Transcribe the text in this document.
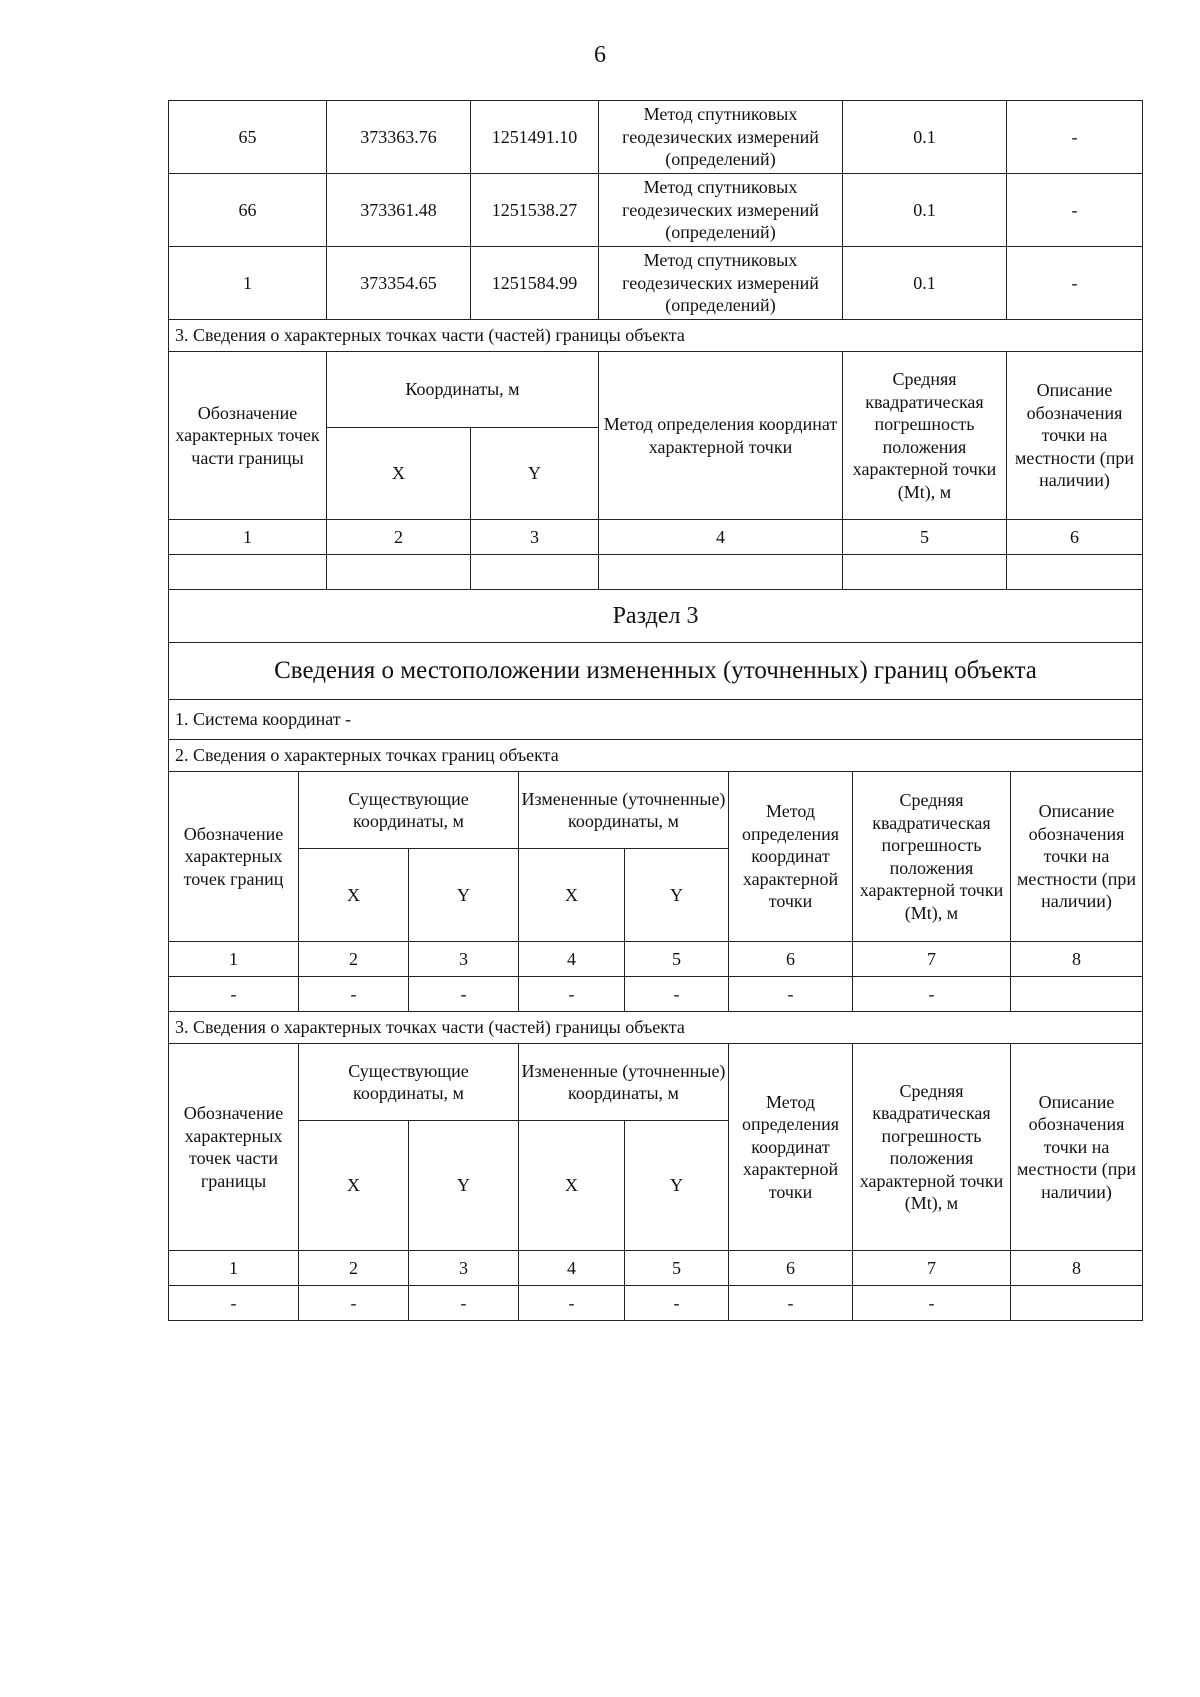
6
65	373363.76	1251491.10	Метод спутниковых геодезических измерений (определений)	0.1	-
66	373361.48	1251538.27	Метод спутниковых геодезических измерений (определений)	0.1	-
1	373354.65	1251584.99	Метод спутниковых геодезических измерений (определений)	0.1	-
3. Сведения о характерных точках части (частей) границы объекта					
Обозначение характерных точек части границы	Координаты, м		Метод определения координат характерной точки	Средняя квадратическая погрешность положения характерной точки (Mt), м	Описание обозначения точки на местности (при наличии)
	X	Y			
1	2	3	4	5	6

Раздел 3							
Сведения о местоположении измененных (уточненных) границ объекта							
1. Система координат -							
2. Сведения о характерных точках границ объекта							
Обозначение характерных точек границ	Существующие координаты, м		Измененные (уточненные) координаты, м		Метод определения координат характерной точки	Средняя квадратическая погрешность положения характерной точки (Mt), м	Описание обозначения точки на местности (при наличии)
	X	Y	X	Y			
1	2	3	4	5	6	7	8
-	-	-	-	-	-	-	
3. Сведения о характерных точках части (частей) границы объекта							
Обозначение характерных точек части границы	Существующие координаты, м		Измененные (уточненные) координаты, м		Метод определения координат характерной точки	Средняя квадратическая погрешность положения характерной точки (Mt), м	Описание обозначения точки на местности (при наличии)
	X	Y	X	Y			
1	2	3	4	5	6	7	8
-	-	-	-	-	-	-	
